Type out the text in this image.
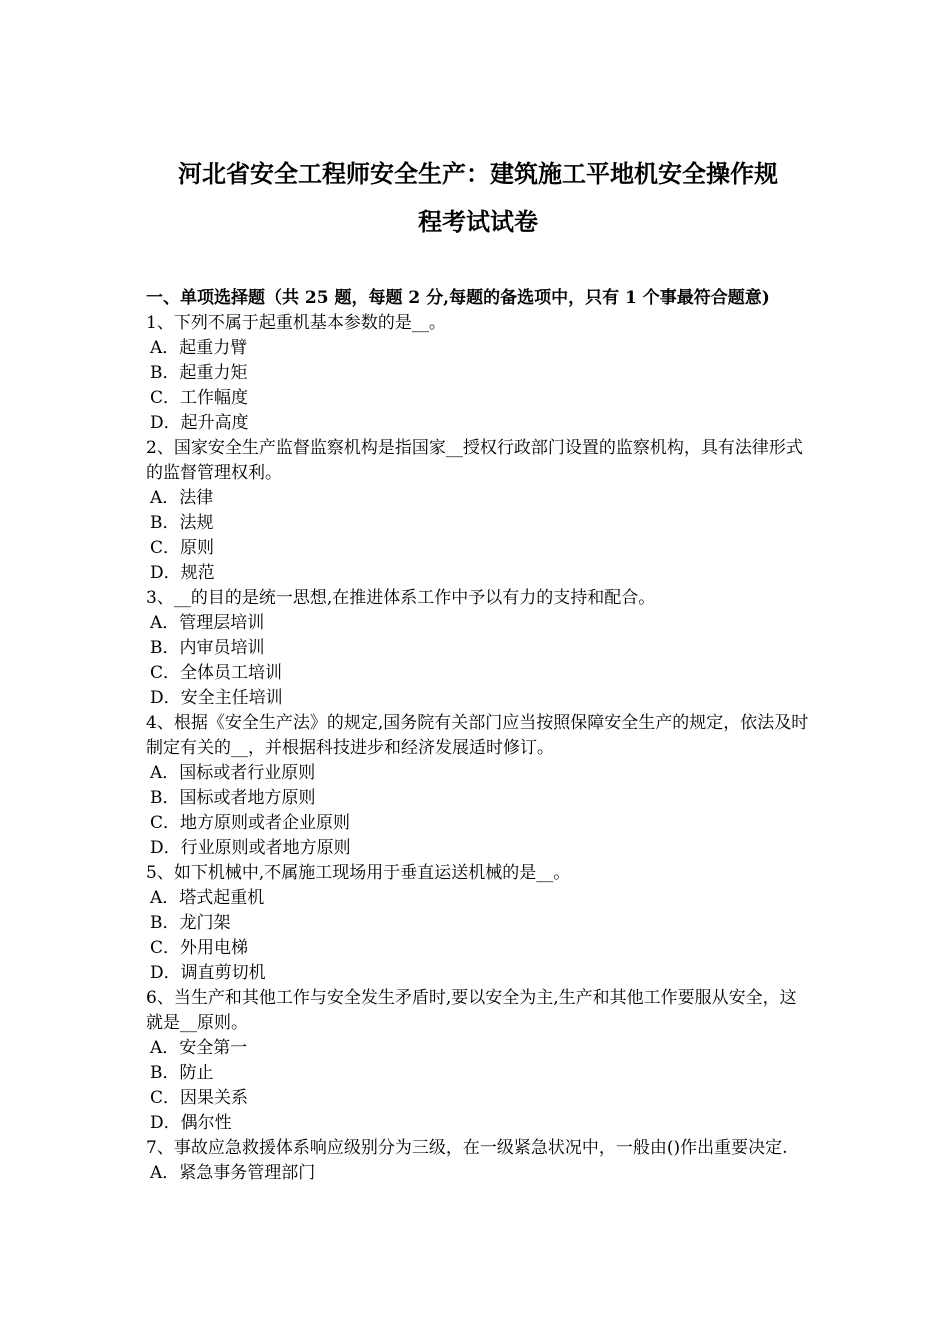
河北省安全工程师安全生产：建筑施工平地机安全操作规
程考试试卷
一、单项选择题（共 25 题，每题 2 分,每题的备选项中，只有 1 个事最符合题意)
1、下列不属于起重机基本参数的是__。
A．起重力臂
B．起重力矩
C．工作幅度
D．起升高度
2、国家安全生产监督监察机构是指国家__授权行政部门设置的监察机构，具有法律形式的监督管理权利。
A．法律
B．法规
C．原则
D．规范
3、__的目的是统一思想,在推进体系工作中予以有力的支持和配合。
A．管理层培训
B．内审员培训
C．全体员工培训
D．安全主任培训
4、根据《安全生产法》的规定,国务院有关部门应当按照保障安全生产的规定，依法及时制定有关的__，并根据科技进步和经济发展适时修订。
A．国标或者行业原则
B．国标或者地方原则
C．地方原则或者企业原则
D．行业原则或者地方原则
5、如下机械中,不属施工现场用于垂直运送机械的是__。
A．塔式起重机
B．龙门架
C．外用电梯
D．调直剪切机
6、当生产和其他工作与安全发生矛盾时,要以安全为主,生产和其他工作要服从安全，这就是__原则。
A．安全第一
B．防止
C．因果关系
D．偶尔性
7、事故应急救援体系响应级别分为三级，在一级紧急状况中，一般由()作出重要决定.
A．紧急事务管理部门
